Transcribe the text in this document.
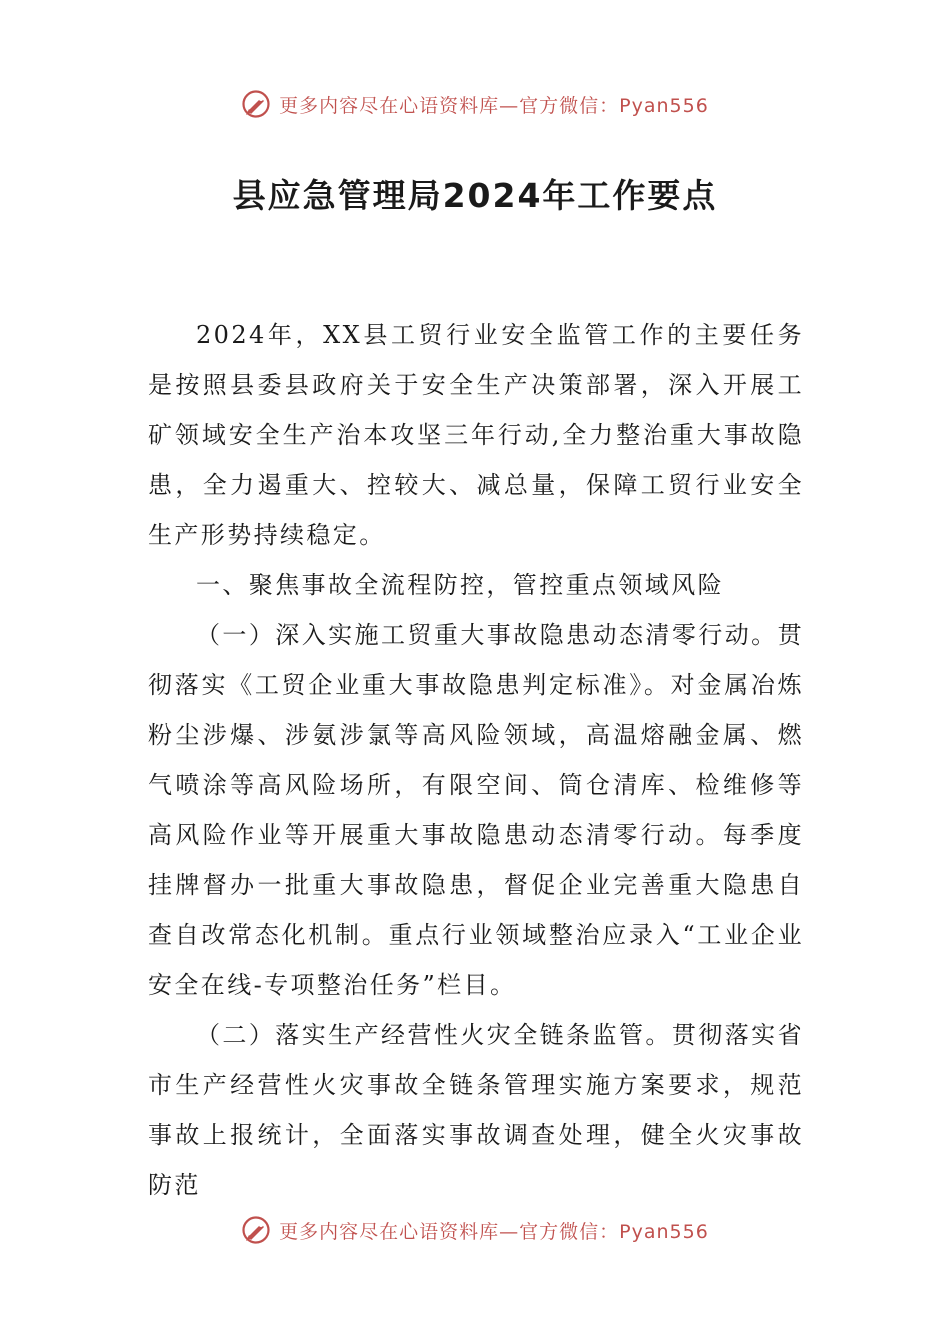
更多内容尽在心语资料库—官方微信：Pyan556
县应急管理局2024年工作要点

2024年，XX县工贸行业安全监管工作的主要任务是按照县委县政府关于安全生产决策部署，深入开展工矿领域安全生产治本攻坚三年行动,全力整治重大事故隐患，全力遏重大、控较大、减总量，保障工贸行业安全生产形势持续稳定。

一、聚焦事故全流程防控，管控重点领域风险

（一）深入实施工贸重大事故隐患动态清零行动。贯彻落实《工贸企业重大事故隐患判定标准》。对金属冶炼粉尘涉爆、涉氨涉氯等高风险领域，高温熔融金属、燃气喷涂等高风险场所，有限空间、筒仓清库、检维修等高风险作业等开展重大事故隐患动态清零行动。每季度挂牌督办一批重大事故隐患，督促企业完善重大隐患自查自改常态化机制。重点行业领域整治应录入“工业企业安全在线-专项整治任务”栏目。

（二）落实生产经营性火灾全链条监管。贯彻落实省市生产经营性火灾事故全链条管理实施方案要求，规范事故上报统计，全面落实事故调查处理，健全火灾事故防范

更多内容尽在心语资料库—官方微信：Pyan556
